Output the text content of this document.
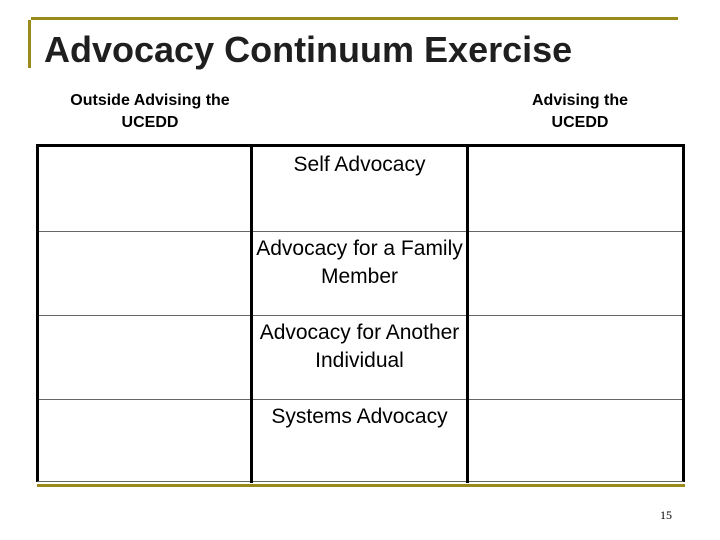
Advocacy Continuum Exercise
Outside Advising the UCEDD
Advising the UCEDD
Self Advocacy
Advocacy for a Family Member
Advocacy for Another Individual
Systems Advocacy
15
